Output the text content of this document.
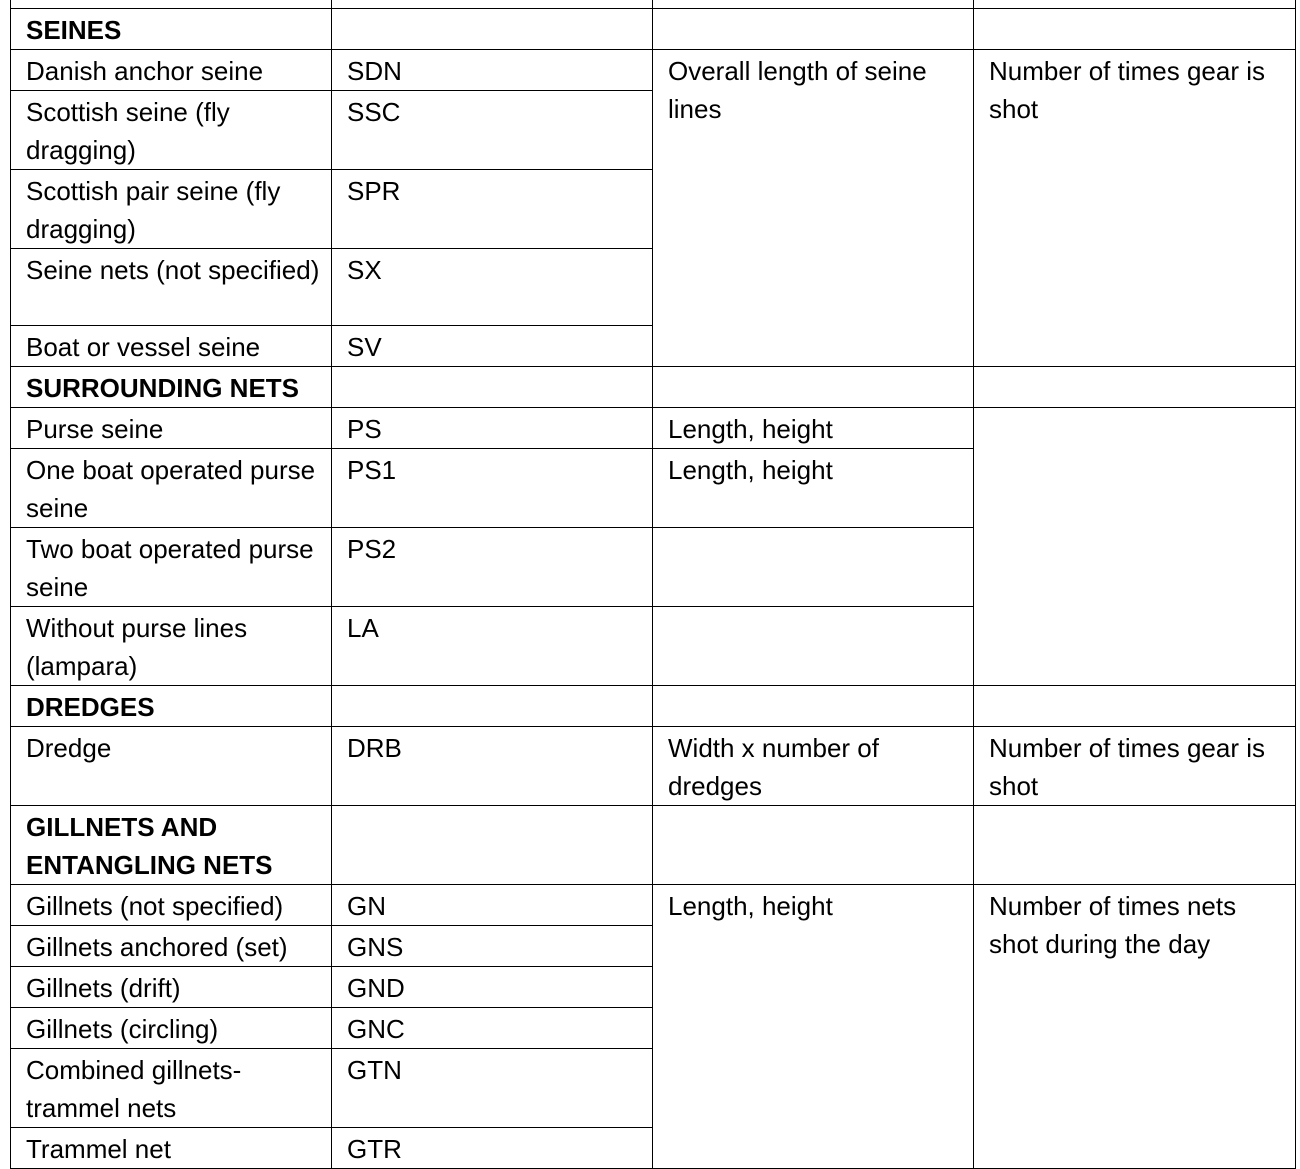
SEINES			
Danish anchor seine	SDN	Overall length of seine lines	Number of times gear is shot
Scottish seine (fly dragging)	SSC		
Scottish pair seine (fly dragging)	SPR		
Seine nets (not specified)	SX		
Boat or vessel seine	SV		
SURROUNDING NETS			
Purse seine	PS	Length, height	
One boat operated purse seine	PS1	Length, height	
Two boat operated purse seine	PS2		
Without purse lines (lampara)	LA		
DREDGES			
Dredge	DRB	Width x number of dredges	Number of times gear is shot
GILLNETS AND ENTANGLING NETS			
Gillnets (not specified)	GN	Length, height	Number of times nets shot during the day
Gillnets anchored (set)	GNS		
Gillnets (drift)	GND		
Gillnets (circling)	GNC		
Combined gillnets-trammel nets	GTN		
Trammel net	GTR		
